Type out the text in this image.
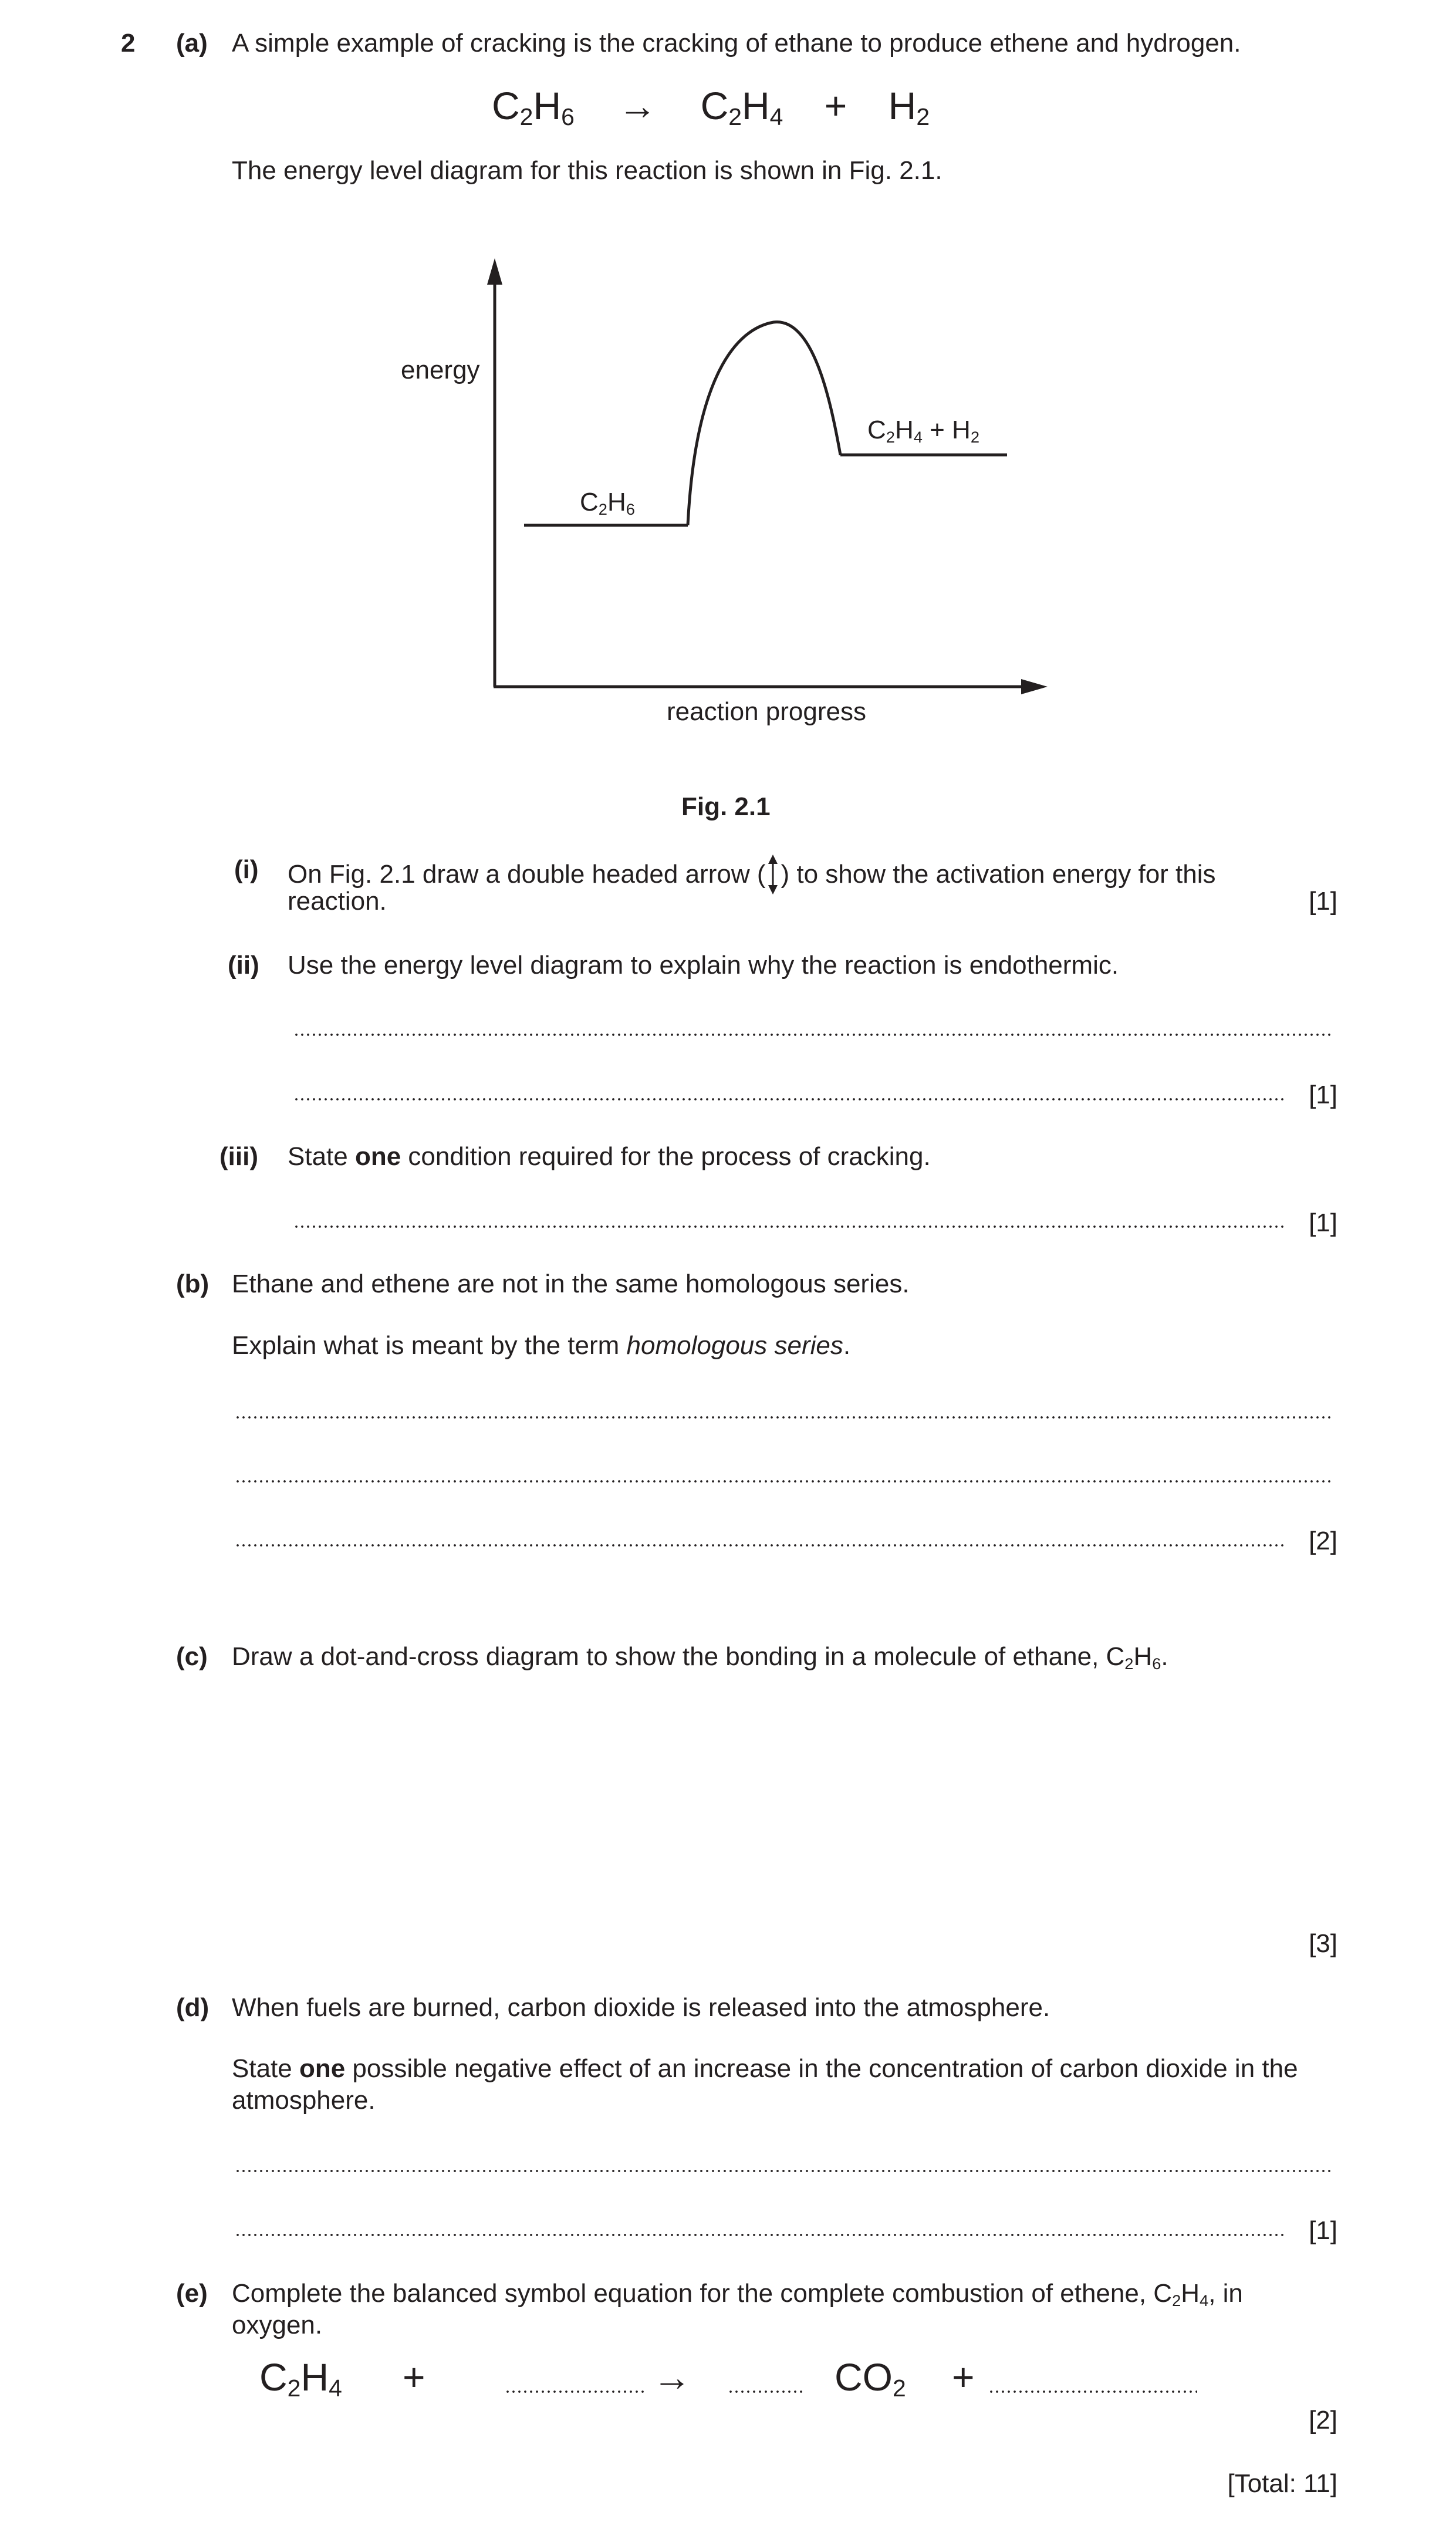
2 (a) A simple example of cracking is the cracking of ethane to produce ethene and hydrogen.
$C_2H_6 \to C_2H_4 + H_2$
The energy level diagram for this reaction is shown in Fig. 2.1.
energy
$C_2H_6$
$C_2H_4 + H_2$
reaction progress
Fig. 2.1
(i) On Fig. 2.1 draw a double headed arrow ( ) to show the activation energy for this
reaction.	[1]
(ii) Use the energy level diagram to explain why the reaction is endothermic.
[1]
(iii) State one condition required for the process of cracking.
[1]
(b) Ethane and ethene are not in the same homologous series.
Explain what is meant by the term homologous series.
[2]
(c) Draw a dot-and-cross diagram to show the bonding in a molecule of ethane, $C_2H_6$.
[3]
(d) When fuels are burned, carbon dioxide is released into the atmosphere.
State one possible negative effect of an increase in the concentration of carbon dioxide in the
atmosphere.
[1]
(e) Complete the balanced symbol equation for the complete combustion of ethene, $C_2H_4$, in
oxygen.
$C_2H_4$ +	→	$CO_2$ +
[2]
[Total: 11]
